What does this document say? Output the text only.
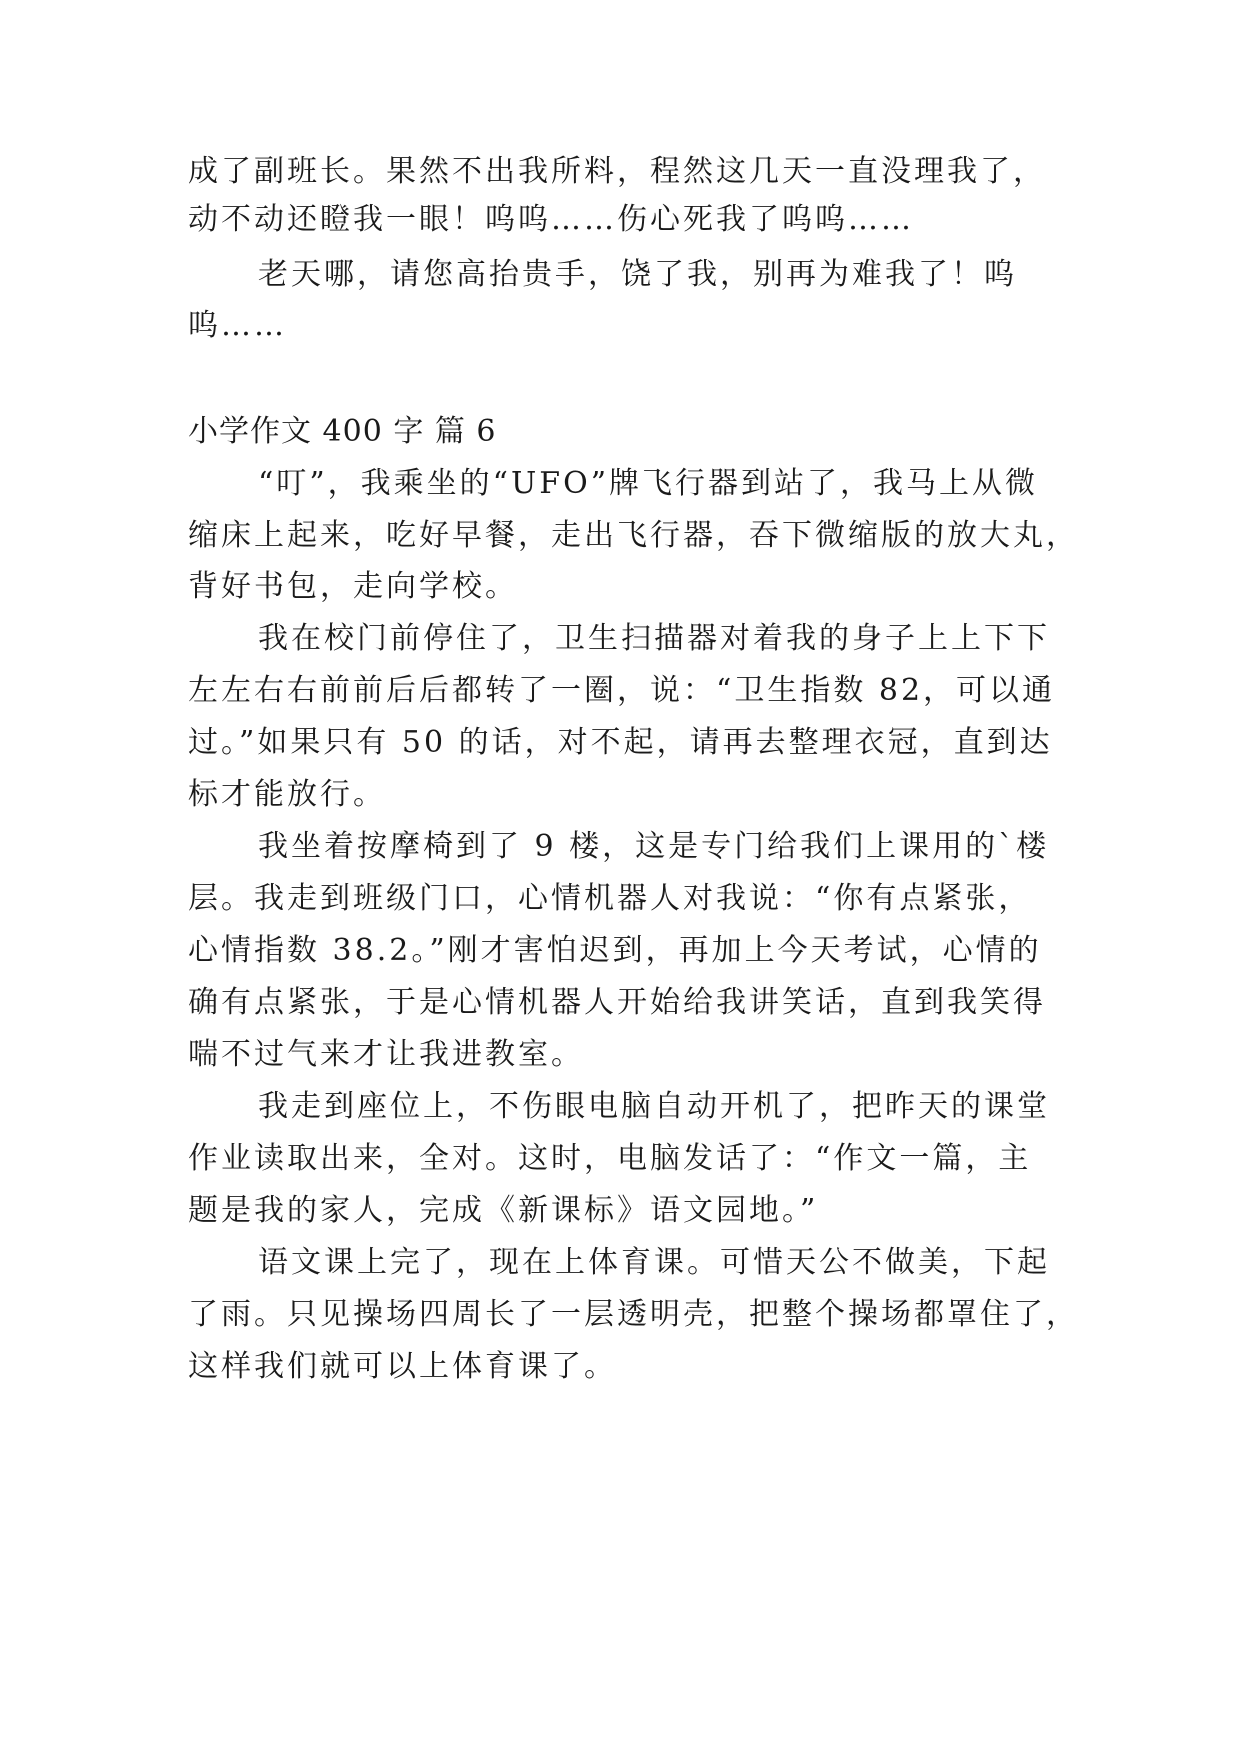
成了副班长。果然不出我所料，程然这几天一直没理我了，
动不动还瞪我一眼！呜呜……伤心死我了呜呜……
老天哪，请您高抬贵手，饶了我，别再为难我了！呜
呜……
小学作文 400 字 篇 6
“叮”，我乘坐的“UFO”牌飞行器到站了，我马上从微
缩床上起来，吃好早餐，走出飞行器，吞下微缩版的放大丸，
背好书包，走向学校。
我在校门前停住了，卫生扫描器对着我的身子上上下下
左左右右前前后后都转了一圈，说：“卫生指数 82，可以通
过。”如果只有 50 的话，对不起，请再去整理衣冠，直到达
标才能放行。
我坐着按摩椅到了 9 楼，这是专门给我们上课用的`楼
层。我走到班级门口，心情机器人对我说：“你有点紧张，
心情指数 38.2。”刚才害怕迟到，再加上今天考试，心情的
确有点紧张，于是心情机器人开始给我讲笑话，直到我笑得
喘不过气来才让我进教室。
我走到座位上，不伤眼电脑自动开机了，把昨天的课堂
作业读取出来，全对。这时，电脑发话了：“作文一篇，主
题是我的家人，完成《新课标》语文园地。”
语文课上完了，现在上体育课。可惜天公不做美，下起
了雨。只见操场四周长了一层透明壳，把整个操场都罩住了，
这样我们就可以上体育课了。
